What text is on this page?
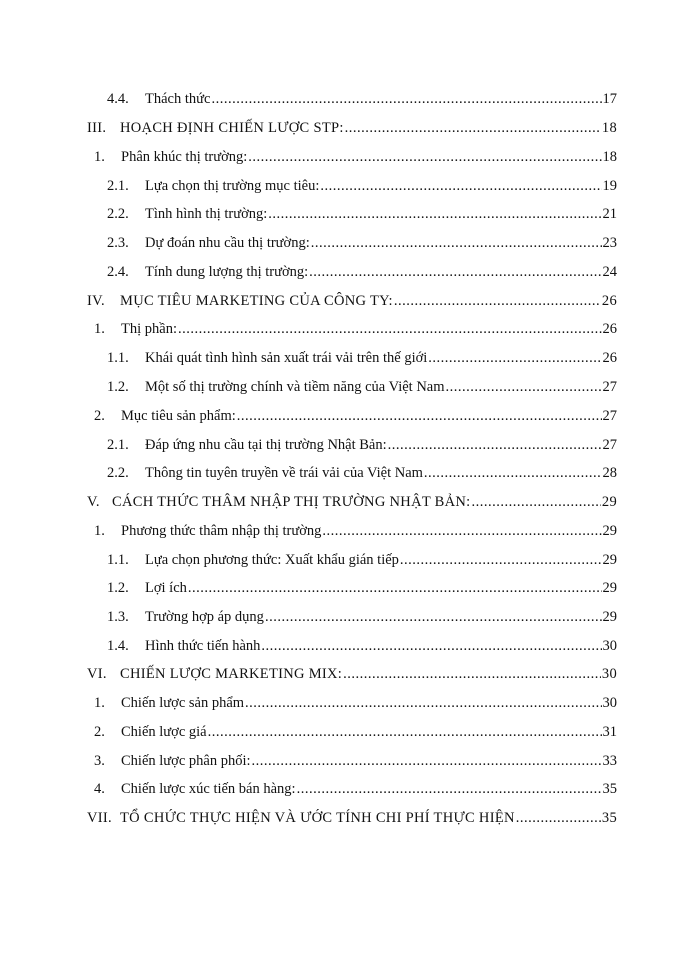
4.4.	Thách thức .....	17
III. HOẠCH ĐỊNH CHIẾN LƯỢC STP: .....	18
1.	Phân khúc thị trường: .....	18
2.1.	Lựa chọn thị trường mục tiêu: .....	19
2.2.	Tình hình thị trường: .....	21
2.3.	Dự đoán nhu cầu thị trường: .....	23
2.4.	Tính dung lượng thị trường: .....	24
IV.	MỤC TIÊU MARKETING CỦA CÔNG TY: .....	26
1.	Thị phần: .....	26
1.1.	Khái quát tình hình sản xuất trái vải trên thế giới .....	26
1.2.	Một số thị trường chính và tiềm năng của Việt Nam .....	27
2.	Mục tiêu sản phẩm: .....	27
2.1.	Đáp ứng nhu cầu tại thị trường Nhật Bản: .....	27
2.2.	Thông tin tuyên truyền về trái vải của Việt Nam .....	28
V. CÁCH THỨC THÂM NHẬP THỊ TRƯỜNG NHẬT BẢN: .....	29
1.	Phương thức thâm nhập thị trường .....	29
1.1.	Lựa chọn phương thức: Xuất khẩu gián tiếp .....	29
1.2.	Lợi ích .....	29
1.3.	Trường hợp áp dụng .....	29
1.4.	Hình thức tiến hành .....	30
VI. CHIẾN LƯỢC MARKETING MIX: .....	30
1.	Chiến lược sản phẩm .....	30
2.	Chiến lược giá .....	31
3.	Chiến lược phân phối: .....	33
4.	Chiến lược xúc tiến bán hàng: .....	35
VII. TỔ CHỨC THỰC HIỆN VÀ ƯỚC TÍNH CHI PHÍ THỰC HIỆN .....	35
